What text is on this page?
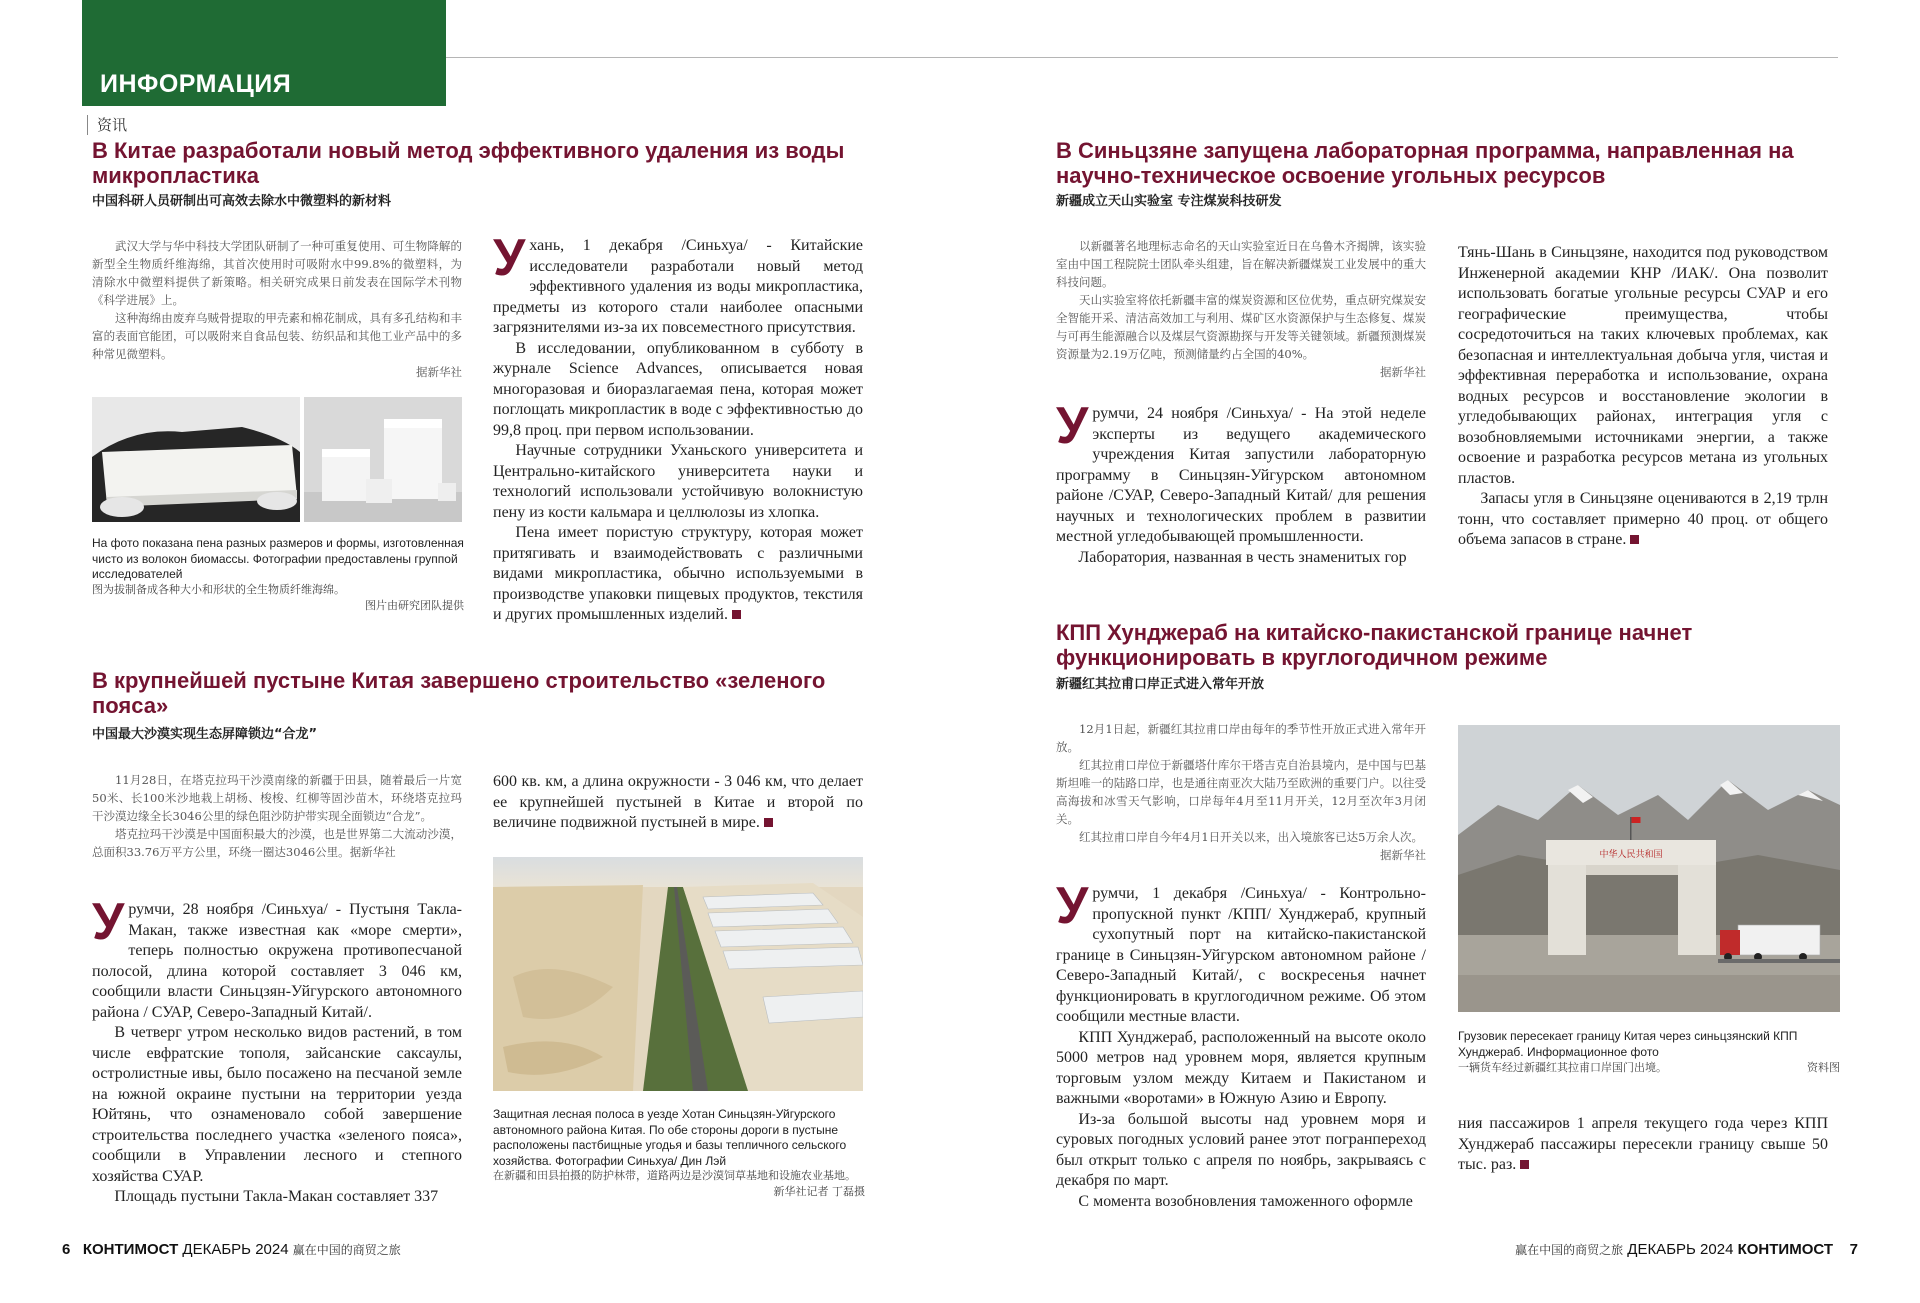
ИНФОРМАЦИЯ
资讯
В Китае разработали новый метод эффективного удаления из воды микропластика
中国科研人员研制出可高效去除水中微塑料的新材料

武汉大学与华中科技大学团队研制了一种可重复使用、可生物降解的新型全生物质纤维海绵，其首次使用时可吸附水中99.8%的微塑料，为清除水中微塑料提供了新策略。相关研究成果日前发表在国际学术刊物《科学进展》上。

这种海绵由废弃乌贼骨提取的甲壳素和棉花制成，具有多孔结构和丰富的表面官能团，可以吸附来自食品包装、纺织品和其他工业产品中的多种常见微塑料。

据新华社
На фото показана пена разных размеров и формы, изготовленная чисто из волокон биомассы. Фотографии предоставлены группой исследователей
图为拔制备成各种大小和形状的全生物质纤维海绵。
图片由研究团队提供

Ухань, 1 декабря /Синьхуа/ - Китайские исследователи разработали новый метод эффективного удаления из воды микропластика, предметы из которого стали наиболее опасными загрязнителями из-за их повсеместного присутствия.

В исследовании, опубликованном в субботу в журнале Science Advances, описывается новая многоразовая и биоразлагаемая пена, которая может поглощать микропластик в воде с эффективностью до 99,8 проц. при первом использовании.

Научные сотрудники Уханьского университета и Центрально-китайского университета науки и технологий использовали устойчивую волокнистую пену из кости кальмара и целлюлозы из хлопка.

Пена имеет пористую структуру, которая может притягивать и взаимодействовать с различными видами микропластика, обычно используемыми в производстве упаковки пищевых продуктов, текстиля и других промышленных изделий.

В крупнейшей пустыне Китая завершено строительство «зеленого пояса»
中国最大沙漠实现生态屏障锁边“合龙”

11月28日，在塔克拉玛干沙漠南缘的新疆于田县，随着最后一片宽50米、长100米沙地栽上胡杨、梭梭、红柳等固沙苗木，环绕塔克拉玛干沙漠边缘全长3046公里的绿色阻沙防护带实现全面锁边“合龙”。

塔克拉玛干沙漠是中国面积最大的沙漠，也是世界第二大流动沙漠，总面积33.76万平方公里，环绕一圈达3046公里。据新华社

Урумчи, 28 ноября /Синьхуа/ - Пустыня Такла-Макан, также известная как «море смерти», теперь полностью окружена противопесчаной полосой, длина которой составляет 3 046 км, сообщили власти Синьцзян-Уйгурского автономного района / СУАР, Северо-Западный Китай/.

В четверг утром несколько видов растений, в том числе евфратские тополя, зайсанские саксаулы, остролистные ивы, было посажено на песчаной земле на южной окраине пустыни на территории уезда Юйтянь, что ознаменовало собой завершение строительства последнего участка «зеленого пояса», сообщили в Управлении лесного и степного хозяйства СУАР.

Площадь пустыни Такла-Макан составляет 337

600 кв. км, а длина окружности - 3 046 км, что делает ее крупнейшей пустыней в Китае и второй по величине подвижной пустыней в мире.

Защитная лесная полоса в уезде Хотан Синьцзян-Уйгурского автономного района Китая. По обе стороны дороги в пустыне расположены пастбищные угодья и базы тепличного сельского хозяйства. Фотографии Синьхуа/ Дин Лэй
在新疆和田县拍摄的防护林带，道路两边是沙漠饲草基地和设施农业基地。
新华社记者 丁磊摄
В Синьцзяне запущена лабораторная программа, направленная на научно-техническое освоение угольных ресурсов
新疆成立天山实验室 专注煤炭科技研发

以新疆著名地理标志命名的天山实验室近日在乌鲁木齐揭牌，该实验室由中国工程院院士团队牵头组建，旨在解决新疆煤炭工业发展中的重大科技问题。

天山实验室将依托新疆丰富的煤炭资源和区位优势，重点研究煤炭安全智能开采、清洁高效加工与利用、煤矿区水资源保护与生态修复、煤炭与可再生能源融合以及煤层气资源勘探与开发等关键领域。新疆预测煤炭资源量为2.19万亿吨，预测储量约占全国的40%。

据新华社

Урумчи, 24 ноября /Синьхуа/ - На этой неделе эксперты из ведущего академического учреждения Китая запустили лабораторную программу в Синьцзян-Уйгурском автономном районе /СУАР, Северо-Западный Китай/ для решения научных и технологических проблем в развитии местной угледобывающей промышленности.

Лаборатория, названная в честь знаменитых гор

Тянь-Шань в Синьцзяне, находится под руководством Инженерной академии КНР /ИАК/. Она позволит использовать богатые угольные ресурсы СУАР и его географические преимущества, чтобы сосредоточиться на таких ключевых проблемах, как безопасная и интеллектуальная добыча угля, чистая и эффективная переработка и использование, охрана водных ресурсов и восстановление экологии в угледобывающих районах, интеграция угля с возобновляемыми источниками энергии, а также освоение и разработка ресурсов метана из угольных пластов.

Запасы угля в Синьцзяне оцениваются в 2,19 трлн тонн, что составляет примерно 40 проц. от общего объема запасов в стране.

КПП Хунджераб на китайско-пакистанской границе начнет функционировать в круглогодичном режиме
新疆红其拉甫口岸正式进入常年开放

12月1日起，新疆红其拉甫口岸由每年的季节性开放正式进入常年开放。

红其拉甫口岸位于新疆塔什库尔干塔吉克自治县境内，是中国与巴基斯坦唯一的陆路口岸，也是通往南亚次大陆乃至欧洲的重要门户。以往受高海拔和冰雪天气影响，口岸每年4月至11月开关，12月至次年3月闭关。

红其拉甫口岸自今年4月1日开关以来，出入境旅客已达5万余人次。

据新华社

Урумчи, 1 декабря /Синьхуа/ - Контрольно-пропускной пункт /КПП/ Хунджераб, крупный сухопутный порт на китайско-пакистанской границе в Синьцзян-Уйгурском автономном районе /Северо-Западный Китай/, с воскресенья начнет функционировать в круглогодичном режиме. Об этом сообщили местные власти.

КПП Хунджераб, расположенный на высоте около 5000 метров над уровнем моря, является крупным торговым узлом между Китаем и Пакистаном и важными «воротами» в Южную Азию и Европу.

Из-за большой высоты над уровнем моря и суровых погодных условий ранее этот погранпереход был открыт только с апреля по ноябрь, закрываясь с декабря по март.

С момента возобновления таможенного оформле

中华人民共和国
Грузовик пересекает границу Китая через синьцзянский КПП Хунджераб. Информационное фото
一辆货车经过新疆红其拉甫口岸国门出境。	资料图

ния пассажиров 1 апреля текущего года через КПП Хунджераб пассажиры пересекли границу свыше 50 тыс. раз.

6 КОНТИМОСТ ДЕКАБРЬ 2024 赢在中国的商贸之旅	赢在中国的商贸之旅 ДЕКАБРЬ 2024 КОНТИМОСТ 7
